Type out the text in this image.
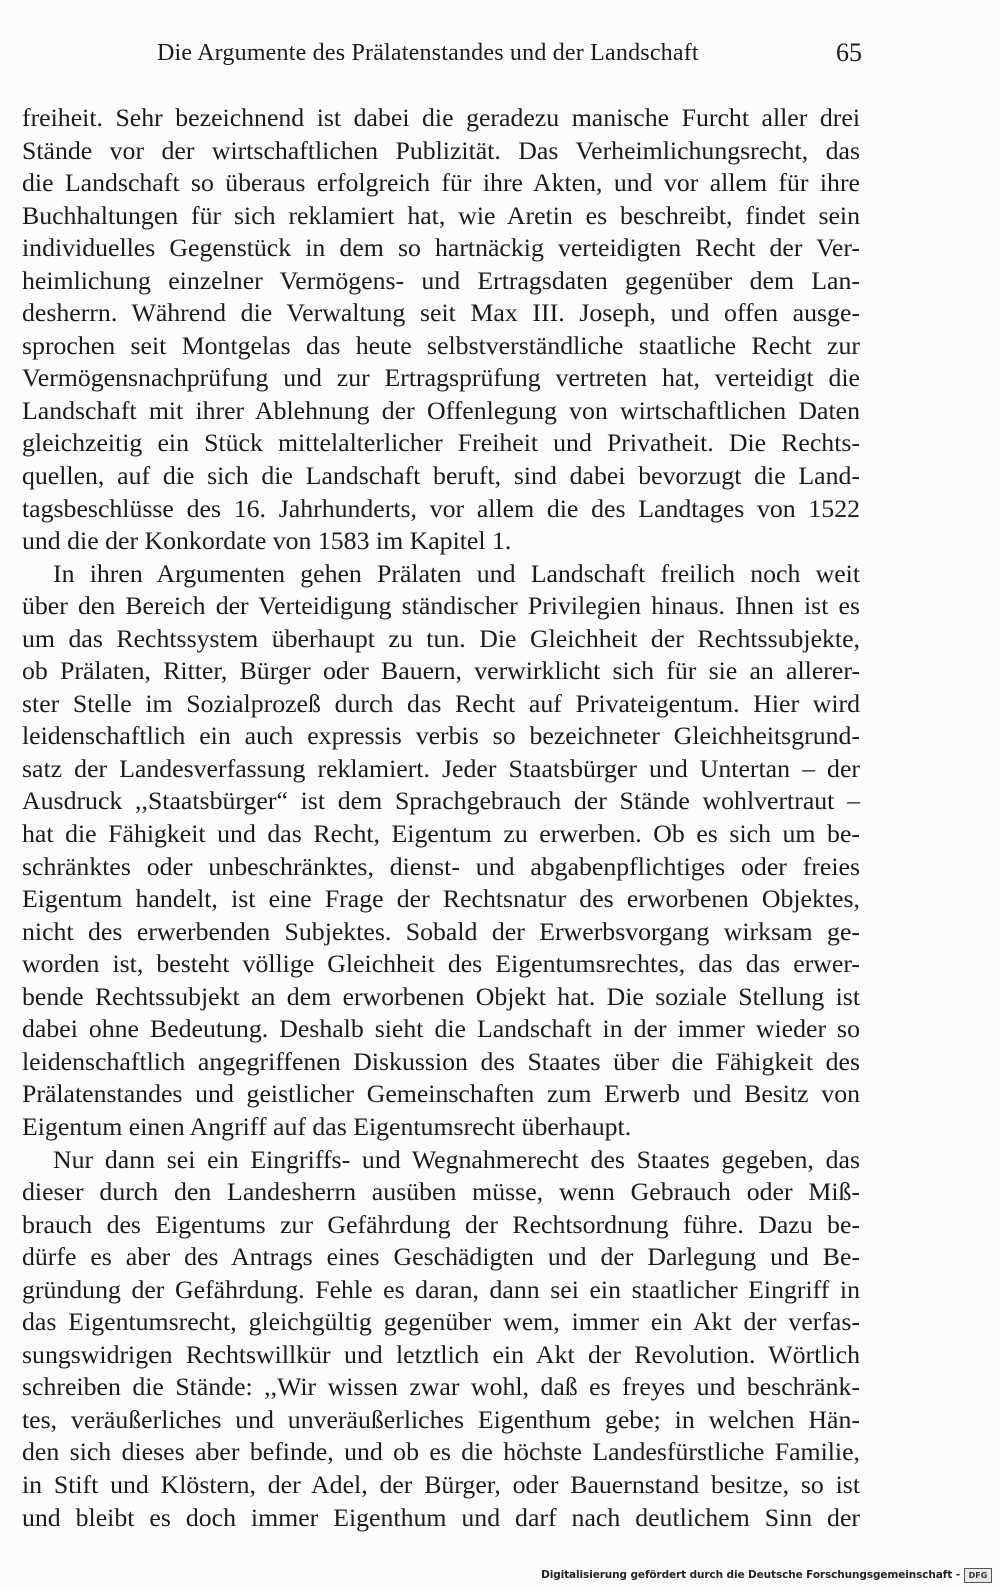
Die Argumente des Prälatenstandes und der Landschaft	65
freiheit. Sehr bezeichnend ist dabei die geradezu manische Furcht aller drei
Stände vor der wirtschaftlichen Publizität. Das Verheimlichungsrecht, das
die Landschaft so überaus erfolgreich für ihre Akten, und vor allem für ihre
Buchhaltungen für sich reklamiert hat, wie Aretin es beschreibt, findet sein
individuelles Gegenstück in dem so hartnäckig verteidigten Recht der Ver-
heimlichung einzelner Vermögens- und Ertragsdaten gegenüber dem Lan-
desherrn. Während die Verwaltung seit Max III. Joseph, und offen ausge-
sprochen seit Montgelas das heute selbstverständliche staatliche Recht zur
Vermögensnachprüfung und zur Ertragsprüfung vertreten hat, verteidigt die
Landschaft mit ihrer Ablehnung der Offenlegung von wirtschaftlichen Daten
gleichzeitig ein Stück mittelalterlicher Freiheit und Privatheit. Die Rechts-
quellen, auf die sich die Landschaft beruft, sind dabei bevorzugt die Land-
tagsbeschlüsse des 16. Jahrhunderts, vor allem die des Landtages von 1522
und die der Konkordate von 1583 im Kapitel 1.
In ihren Argumenten gehen Prälaten und Landschaft freilich noch weit
über den Bereich der Verteidigung ständischer Privilegien hinaus. Ihnen ist es
um das Rechtssystem überhaupt zu tun. Die Gleichheit der Rechtssubjekte,
ob Prälaten, Ritter, Bürger oder Bauern, verwirklicht sich für sie an allerer-
ster Stelle im Sozialprozeß durch das Recht auf Privateigentum. Hier wird
leidenschaftlich ein auch expressis verbis so bezeichneter Gleichheitsgrund-
satz der Landesverfassung reklamiert. Jeder Staatsbürger und Untertan – der
Ausdruck ,,Staatsbürger“ ist dem Sprachgebrauch der Stände wohlvertraut –
hat die Fähigkeit und das Recht, Eigentum zu erwerben. Ob es sich um be-
schränktes oder unbeschränktes, dienst- und abgabenpflichtiges oder freies
Eigentum handelt, ist eine Frage der Rechtsnatur des erworbenen Objektes,
nicht des erwerbenden Subjektes. Sobald der Erwerbsvorgang wirksam ge-
worden ist, besteht völlige Gleichheit des Eigentumsrechtes, das das erwer-
bende Rechtssubjekt an dem erworbenen Objekt hat. Die soziale Stellung ist
dabei ohne Bedeutung. Deshalb sieht die Landschaft in der immer wieder so
leidenschaftlich angegriffenen Diskussion des Staates über die Fähigkeit des
Prälatenstandes und geistlicher Gemeinschaften zum Erwerb und Besitz von
Eigentum einen Angriff auf das Eigentumsrecht überhaupt.
Nur dann sei ein Eingriffs- und Wegnahmerecht des Staates gegeben, das
dieser durch den Landesherrn ausüben müsse, wenn Gebrauch oder Miß-
brauch des Eigentums zur Gefährdung der Rechtsordnung führe. Dazu be-
dürfe es aber des Antrags eines Geschädigten und der Darlegung und Be-
gründung der Gefährdung. Fehle es daran, dann sei ein staatlicher Eingriff in
das Eigentumsrecht, gleichgültig gegenüber wem, immer ein Akt der verfas-
sungswidrigen Rechtswillkür und letztlich ein Akt der Revolution. Wörtlich
schreiben die Stände: ,,Wir wissen zwar wohl, daß es freyes und beschränk-
tes, veräußerliches und unveräußerliches Eigenthum gebe; in welchen Hän-
den sich dieses aber befinde, und ob es die höchste Landesfürstliche Familie,
in Stift und Klöstern, der Adel, der Bürger, oder Bauernstand besitze, so ist
und bleibt es doch immer Eigenthum und darf nach deutlichem Sinn der
Digitalisierung gefördert durch die Deutsche Forschungsgemeinschaft -	DFG
